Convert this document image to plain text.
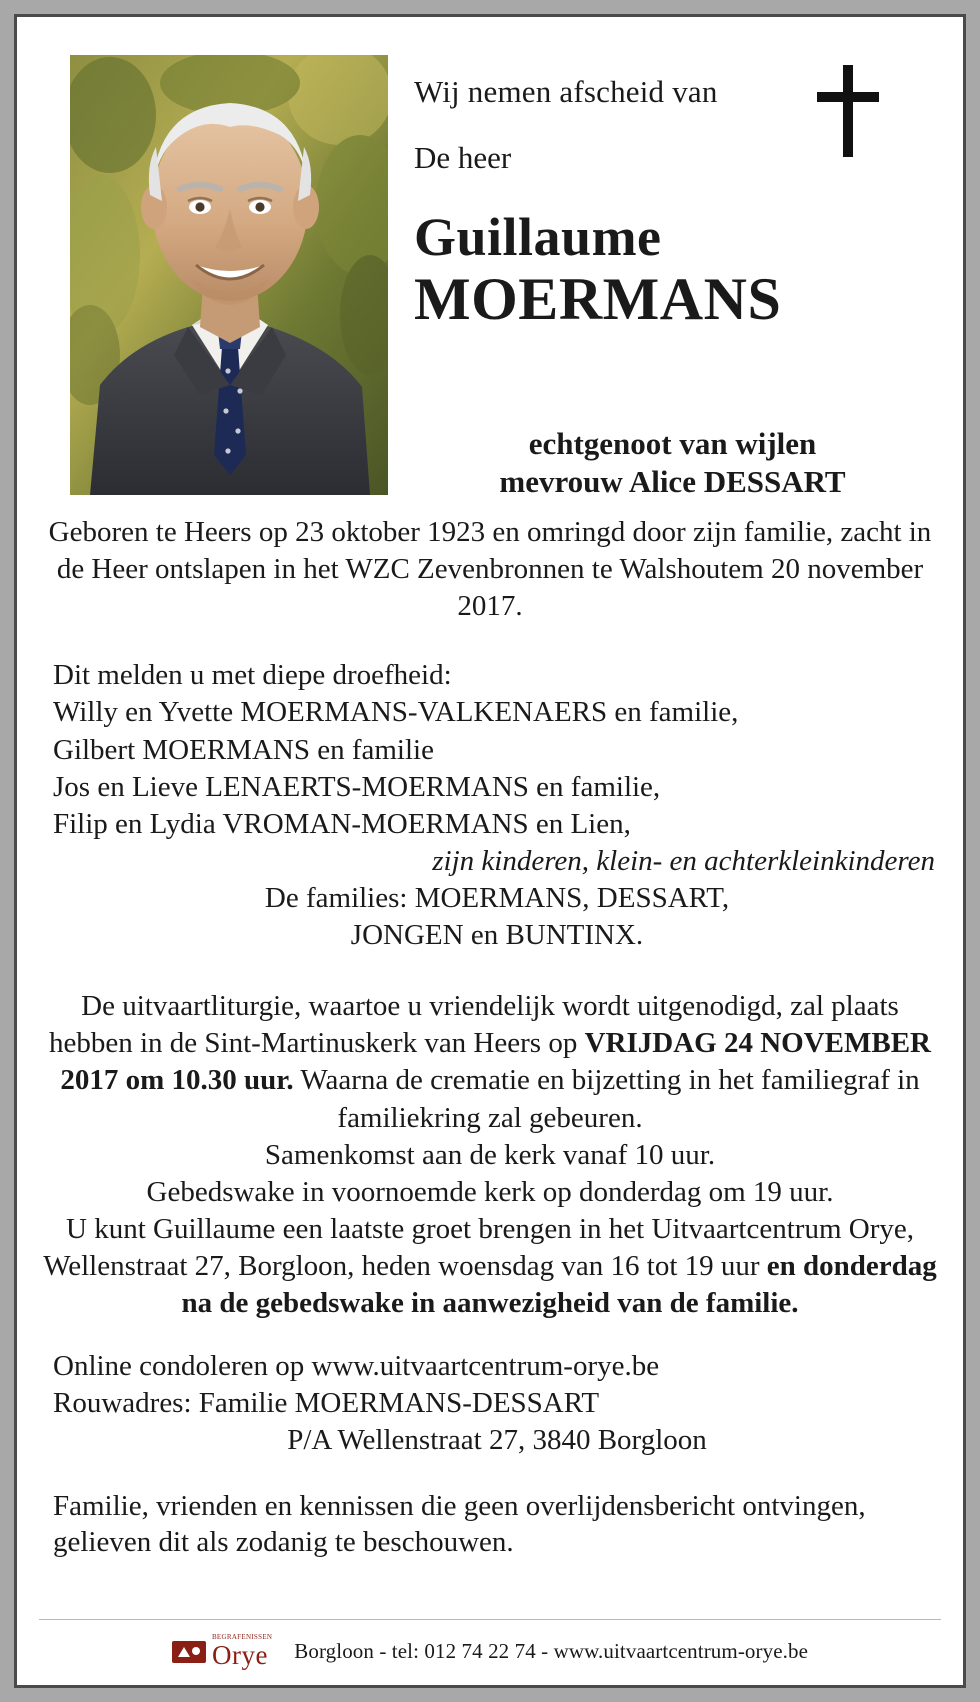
Wij nemen afscheid van
De heer
Guillaume
MOERMANS
echtgenoot van wijlen
mevrouw Alice DESSART

Geboren te Heers op 23 oktober 1923 en omringd door zijn familie, zacht in de Heer ontslapen in het WZC Zevenbronnen te Walshoutem 20 november 2017.

Dit melden u met diepe droefheid:
Willy en Yvette MOERMANS-VALKENAERS en familie,
Gilbert MOERMANS en familie
Jos en Lieve LENAERTS-MOERMANS en familie,
Filip en Lydia VROMAN-MOERMANS en Lien,
zijn kinderen, klein- en achterkleinkinderen
De families: MOERMANS, DESSART,
JONGEN en BUNTINX.
De uitvaartliturgie, waartoe u vriendelijk wordt uitgenodigd, zal plaats hebben in de Sint-Martinuskerk van Heers op VRIJDAG 24 NOVEMBER 2017 om 10.30 uur. Waarna de crematie en bijzetting in het familiegraf in familiekring zal gebeuren.
Samenkomst aan de kerk vanaf 10 uur.
Gebedswake in voornoemde kerk op donderdag om 19 uur.
U kunt Guillaume een laatste groet brengen in het Uitvaartcentrum Orye, Wellenstraat 27, Borgloon, heden woensdag van 16 tot 19 uur en donderdag na de gebedswake in aanwezigheid van de familie.
Online condoleren op www.uitvaartcentrum-orye.be
Rouwadres: Familie MOERMANS-DESSART
P/A Wellenstraat 27, 3840 Borgloon

Familie, vrienden en kennissen die geen overlijdensbericht ontvingen, gelieven dit als zodanig te beschouwen.

BEGRAFENISSEN
Orye Borgloon - tel: 012 74 22 74 - www.uitvaartcentrum-orye.be
